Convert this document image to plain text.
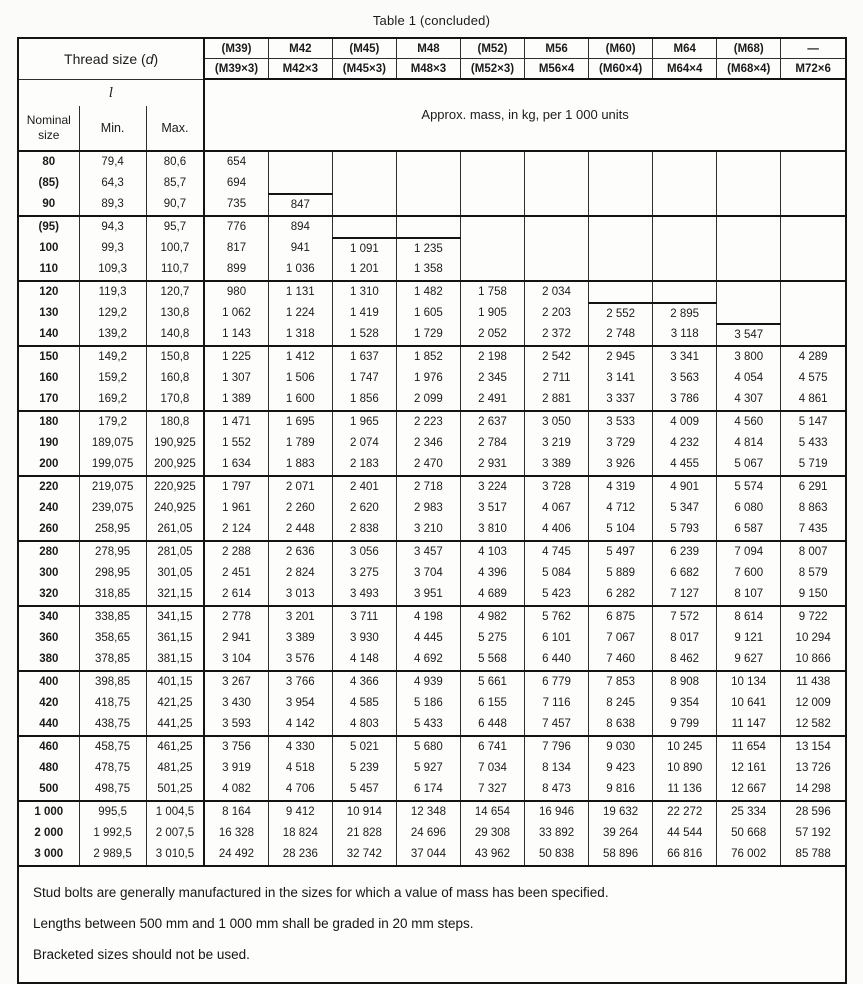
Table 1 (concluded)
Thread size (d)			(M39)	M42	(M45)	M48	(M52)	M56	(M60)	M64	(M68)	—
			(M39×3)	M42×3	(M45×3)	M48×3	(M52×3)	M56×4	(M60×4)	M64×4	(M68×4)	M72×6
l			Approx. mass, in kg, per 1 000 units									
Nominal size	Min.	Max.										
80	79,4	80,6	654									
(85)	64,3	85,7	694									
90	89,3	90,7	735	847								
(95)	94,3	95,7	776	894								
100	99,3	100,7	817	941	1 091	1 235						
110	109,3	110,7	899	1 036	1 201	1 358						
120	119,3	120,7	980	1 131	1 310	1 482	1 758	2 034				
130	129,2	130,8	1 062	1 224	1 419	1 605	1 905	2 203	2 552	2 895		
140	139,2	140,8	1 143	1 318	1 528	1 729	2 052	2 372	2 748	3 118	3 547	
150	149,2	150,8	1 225	1 412	1 637	1 852	2 198	2 542	2 945	3 341	3 800	4 289
160	159,2	160,8	1 307	1 506	1 747	1 976	2 345	2 711	3 141	3 563	4 054	4 575
170	169,2	170,8	1 389	1 600	1 856	2 099	2 491	2 881	3 337	3 786	4 307	4 861
180	179,2	180,8	1 471	1 695	1 965	2 223	2 637	3 050	3 533	4 009	4 560	5 147
190	189,075	190,925	1 552	1 789	2 074	2 346	2 784	3 219	3 729	4 232	4 814	5 433
200	199,075	200,925	1 634	1 883	2 183	2 470	2 931	3 389	3 926	4 455	5 067	5 719
220	219,075	220,925	1 797	2 071	2 401	2 718	3 224	3 728	4 319	4 901	5 574	6 291
240	239,075	240,925	1 961	2 260	2 620	2 983	3 517	4 067	4 712	5 347	6 080	8 863
260	258,95	261,05	2 124	2 448	2 838	3 210	3 810	4 406	5 104	5 793	6 587	7 435
280	278,95	281,05	2 288	2 636	3 056	3 457	4 103	4 745	5 497	6 239	7 094	8 007
300	298,95	301,05	2 451	2 824	3 275	3 704	4 396	5 084	5 889	6 682	7 600	8 579
320	318,85	321,15	2 614	3 013	3 493	3 951	4 689	5 423	6 282	7 127	8 107	9 150
340	338,85	341,15	2 778	3 201	3 711	4 198	4 982	5 762	6 875	7 572	8 614	9 722
360	358,65	361,15	2 941	3 389	3 930	4 445	5 275	6 101	7 067	8 017	9 121	10 294
380	378,85	381,15	3 104	3 576	4 148	4 692	5 568	6 440	7 460	8 462	9 627	10 866
400	398,85	401,15	3 267	3 766	4 366	4 939	5 661	6 779	7 853	8 908	10 134	11 438
420	418,75	421,25	3 430	3 954	4 585	5 186	6 155	7 116	8 245	9 354	10 641	12 009
440	438,75	441,25	3 593	4 142	4 803	5 433	6 448	7 457	8 638	9 799	11 147	12 582
460	458,75	461,25	3 756	4 330	5 021	5 680	6 741	7 796	9 030	10 245	11 654	13 154
480	478,75	481,25	3 919	4 518	5 239	5 927	7 034	8 134	9 423	10 890	12 161	13 726
500	498,75	501,25	4 082	4 706	5 457	6 174	7 327	8 473	9 816	11 136	12 667	14 298
1 000	995,5	1 004,5	8 164	9 412	10 914	12 348	14 654	16 946	19 632	22 272	25 334	28 596
2 000	1 992,5	2 007,5	16 328	18 824	21 828	24 696	29 308	33 892	39 264	44 544	50 668	57 192
3 000	2 989,5	3 010,5	24 492	28 236	32 742	37 044	43 962	50 838	58 896	66 816	76 002	85 788
Stud bolts are generally manufactured in the sizes for which a value of mass has been specified.
Lengths between 500 mm and 1 000 mm shall be graded in 20 mm steps.
Bracketed sizes should not be used.
